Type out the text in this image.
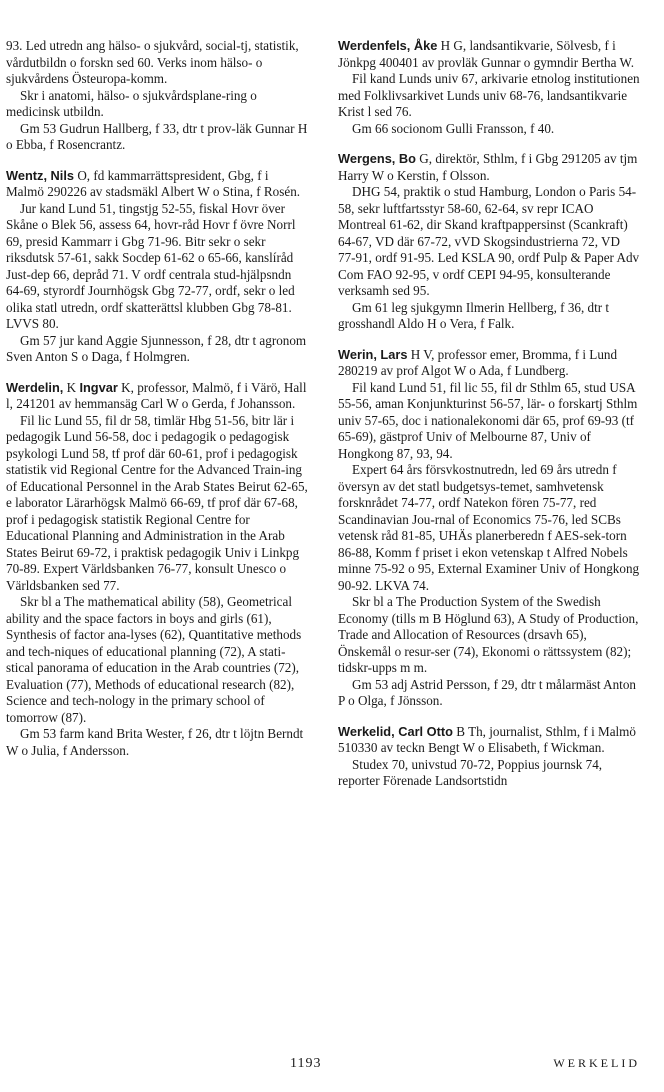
93. Led utredn ang hälso- o sjukvård, social-tj, statistik, vårdutbildn o forskn sed 60. Verks inom hälso- o sjukvårdens Östeuropa-komm.

Skr i anatomi, hälso- o sjukvårdsplane-ring o medicinsk utbildn.

Gm 53 Gudrun Hallberg, f 33, dtr t prov-läk Gunnar H o Ebba, f Rosencrantz.

Wentz, Nils O, fd kammarrättspresident, Gbg, f i Malmö 290226 av stadsmäkl Albert W o Stina, f Rosén.

Jur kand Lund 51, tingstjg 52-55, fiskal Hovr över Skåne o Blek 56, assess 64, hovr-råd Hovr f övre Norrl 69, presid Kammarr i Gbg 71-96. Bitr sekr o sekr riksdutsk 57-61, sakk Socdep 61-62 o 65-66, kanslíråd Just-dep 66, depråd 71. V ordf centrala stud-hjälpsndn 64-69, styrordf Journhögsk Gbg 72-77, ordf, sekr o led olika statl utredn, ordf skatterättsl klubben Gbg 78-81. LVVS 80.

Gm 57 jur kand Aggie Sjunnesson, f 28, dtr t agronom Sven Anton S o Daga, f Holmgren.

Werdelin, K Ingvar K, professor, Malmö, f i Värö, Hall l, 241201 av hemmansäg Carl W o Gerda, f Johansson.

Fil lic Lund 55, fil dr 58, timlär Hbg 51-56, bitr lär i pedagogik Lund 56-58, doc i pedagogik o pedagogisk psykologi Lund 58, tf prof där 60-61, prof i pedagogisk statistik vid Regional Centre for the Advanced Train-ing of Educational Personnel in the Arab States Beirut 62-65, e laborator Lärarhögsk Malmö 66-69, tf prof där 67-68, prof i pedagogisk statistik Regional Centre for Educational Planning and Administration in the Arab States Beirut 69-72, i praktisk pedagogik Univ i Linkpg 70-89. Expert Världsbanken 76-77, konsult Unesco o Världsbanken sed 77.

Skr bl a The mathematical ability (58), Geometrical ability and the space factors in boys and girls (61), Synthesis of factor ana-lyses (62), Quantitative methods and tech-niques of educational planning (72), A stati-stical panorama of education in the Arab countries (72), Evaluation (77), Methods of educational research (82), Science and tech-nology in the primary school of tomorrow (87).

Gm 53 farm kand Brita Wester, f 26, dtr t löjtn Berndt W o Julia, f Andersson.

Werdenfels, Åke H G, landsantikvarie, Sölvesb, f i Jönkpg 400401 av provläk Gunnar o gymndir Bertha W.

Fil kand Lunds univ 67, arkivarie etnolog institutionen med Folklivsarkivet Lunds univ 68-76, landsantikvarie Krist l sed 76.

Gm 66 socionom Gulli Fransson, f 40.

Wergens, Bo G, direktör, Sthlm, f i Gbg 291205 av tjm Harry W o Kerstin, f Olsson.

DHG 54, praktik o stud Hamburg, London o Paris 54-58, sekr luftfartsstyr 58-60, 62-64, sv repr ICAO Montreal 61-62, dir Skand kraftpappersinst (Scankraft) 64-67, VD där 67-72, vVD Skogsindustrierna 72, VD 77-91, ordf 91-95. Led KSLA 90, ordf Pulp & Paper Adv Com FAO 92-95, v ordf CEPI 94-95, konsulterande verksamh sed 95.

Gm 61 leg sjukgymn Ilmerin Hellberg, f 36, dtr t grosshandl Aldo H o Vera, f Falk.

Werin, Lars H V, professor emer, Bromma, f i Lund 280219 av prof Algot W o Ada, f Lundberg.

Fil kand Lund 51, fil lic 55, fil dr Sthlm 65, stud USA 55-56, aman Konjunkturinst 56-57, lär- o forskartj Sthlm univ 57-65, doc i nationalekonomi där 65, prof 69-93 (tf 65-69), gästprof Univ of Melbourne 87, Univ of Hongkong 87, 93, 94.

Expert 64 års försvkostnutredn, led 69 års utredn f översyn av det statl budgetsys-temet, samhvetensk forsknrådet 74-77, ordf Natekon fören 75-77, red Scandinavian Jou-rnal of Economics 75-76, led SCBs vetensk råd 81-85, UHÄs planerberedn f AES-sek-torn 86-88, Komm f priset i ekon vetenskap t Alfred Nobels minne 75-92 o 95, External Examiner Univ of Hongkong 90-92. LKVA 74.

Skr bl a The Production System of the Swedish Economy (tills m B Höglund 63), A Study of Production, Trade and Allocation of Resources (drsavh 65), Önskemål o resur-ser (74), Ekonomi o rättssystem (82); tidskr-upps m m.

Gm 53 adj Astrid Persson, f 29, dtr t målarmäst Anton P o Olga, f Jönsson.

Werkelid, Carl Otto B Th, journalist, Sthlm, f i Malmö 510330 av teckn Bengt W o Elisabeth, f Wickman.

Studex 70, univstud 70-72, Poppius journsk 74, reporter Förenade Landsortstidn

1193	WERKELID
